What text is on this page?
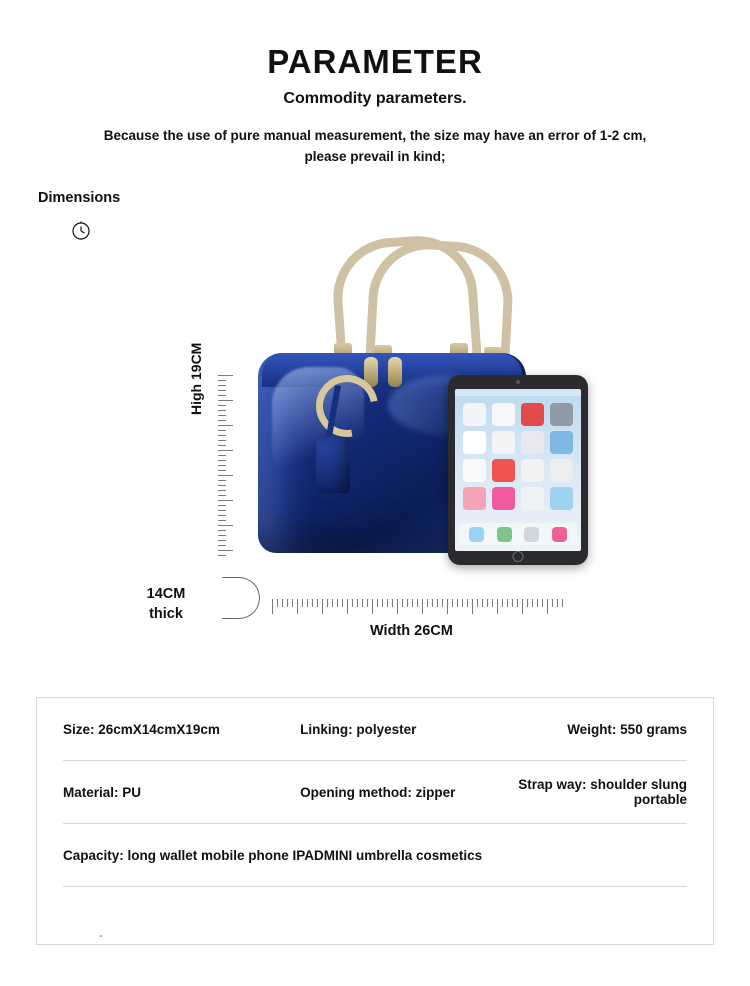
PARAMETER

Commodity parameters.

Because the use of pure manual measurement, the size may have an error of 1-2 cm, please prevail in kind;

Dimensions
High 19CM
14CM
thick
Width 26CM
Size: 26cmX14cmX19cm	Linking: polyester	Weight: 550 grams
Material: PU	Opening method: zipper	Strap way: shoulder slung portable
Capacity: long wallet mobile phone IPADMINI umbrella cosmetics
-
